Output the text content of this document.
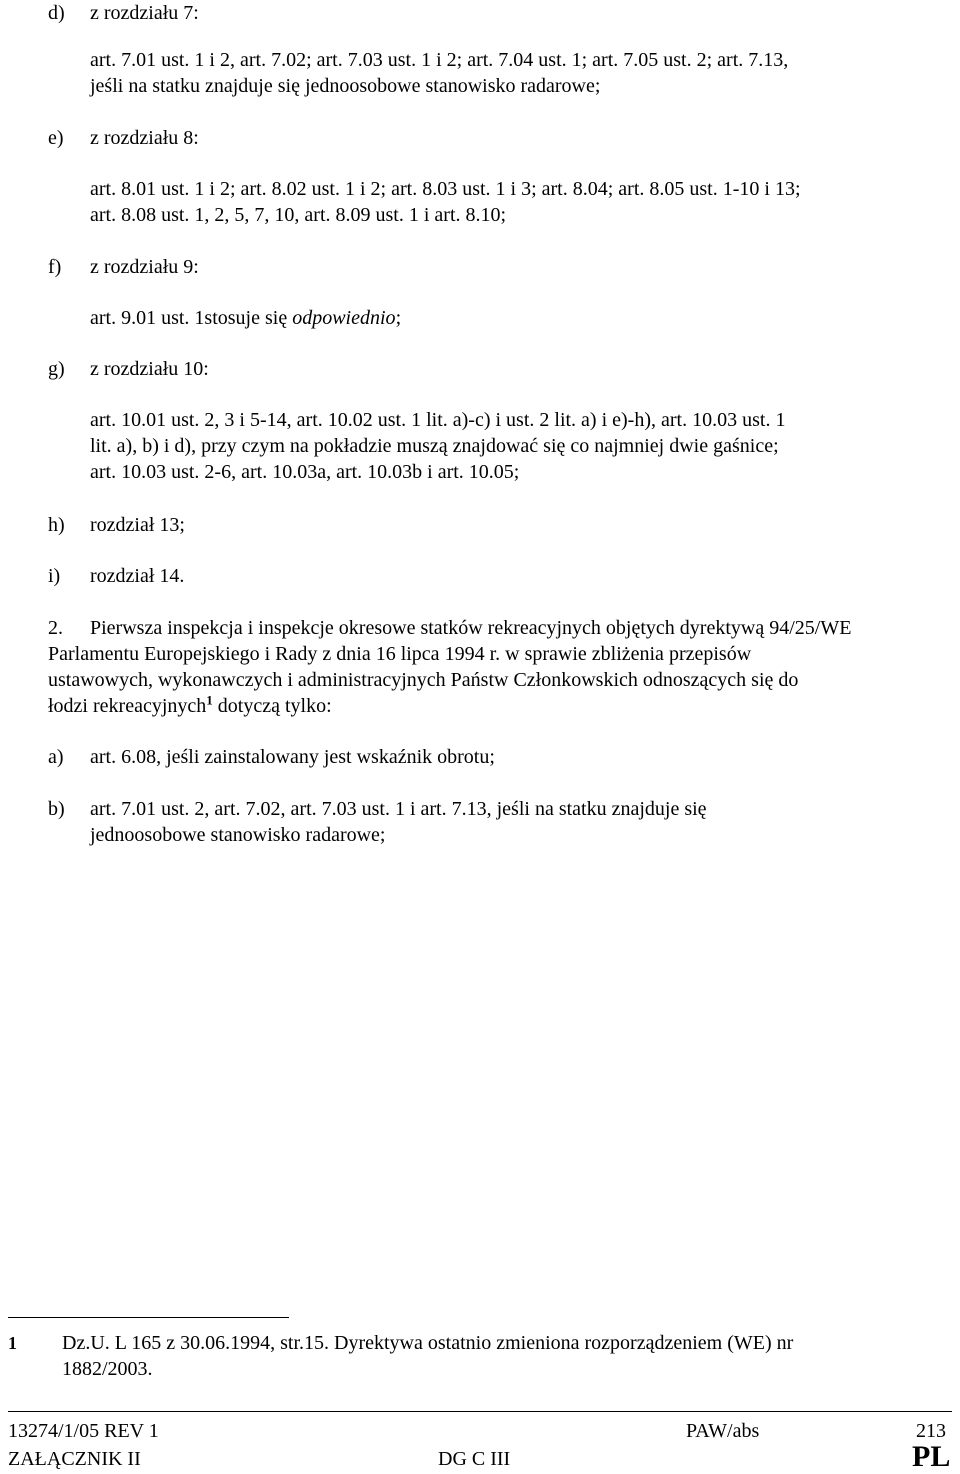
d) z rozdziału 7:
art. 7.01 ust. 1 i 2, art. 7.02; art. 7.03 ust. 1 i 2; art. 7.04 ust. 1; art. 7.05 ust. 2; art. 7.13,
jeśli na statku znajduje się jednoosobowe stanowisko radarowe;
e) z rozdziału 8:
art. 8.01 ust. 1 i 2; art. 8.02 ust. 1 i 2; art. 8.03 ust. 1 i 3; art. 8.04; art. 8.05 ust. 1-10 i 13;
art. 8.08 ust. 1, 2, 5, 7, 10, art. 8.09 ust. 1 i art. 8.10;
f) z rozdziału 9:
art. 9.01 ust. 1stosuje się odpowiednio;
g) z rozdziału 10:
art. 10.01 ust. 2, 3 i 5-14, art. 10.02 ust. 1 lit. a)-c) i ust. 2 lit. a) i e)-h), art. 10.03 ust. 1
lit. a), b) i d), przy czym na pokładzie muszą znajdować się co najmniej dwie gaśnice;
art. 10.03 ust. 2-6, art. 10.03a, art. 10.03b i art. 10.05;
h) rozdział 13;
i) rozdział 14.
2. Pierwsza inspekcja i inspekcje okresowe statków rekreacyjnych objętych dyrektywą 94/25/WE
Parlamentu Europejskiego i Rady z dnia 16 lipca 1994 r. w sprawie zbliżenia przepisów
ustawowych, wykonawczych i administracyjnych Państw Członkowskich odnoszących się do
łodzi rekreacyjnych$^1$ dotyczą tylko:
a) art. 6.08, jeśli zainstalowany jest wskaźnik obrotu;
b) art. 7.01 ust. 2, art. 7.02, art. 7.03 ust. 1 i art. 7.13, jeśli na statku znajduje się
jednoosobowe stanowisko radarowe;
1 Dz.U. L 165 z 30.06.1994, str.15. Dyrektywa ostatnio zmieniona rozporządzeniem (WE) nr
1882/2003.
13274/1/05 REV 1	PAW/abs	213
ZAŁĄCZNIK II	DG C III	PL
